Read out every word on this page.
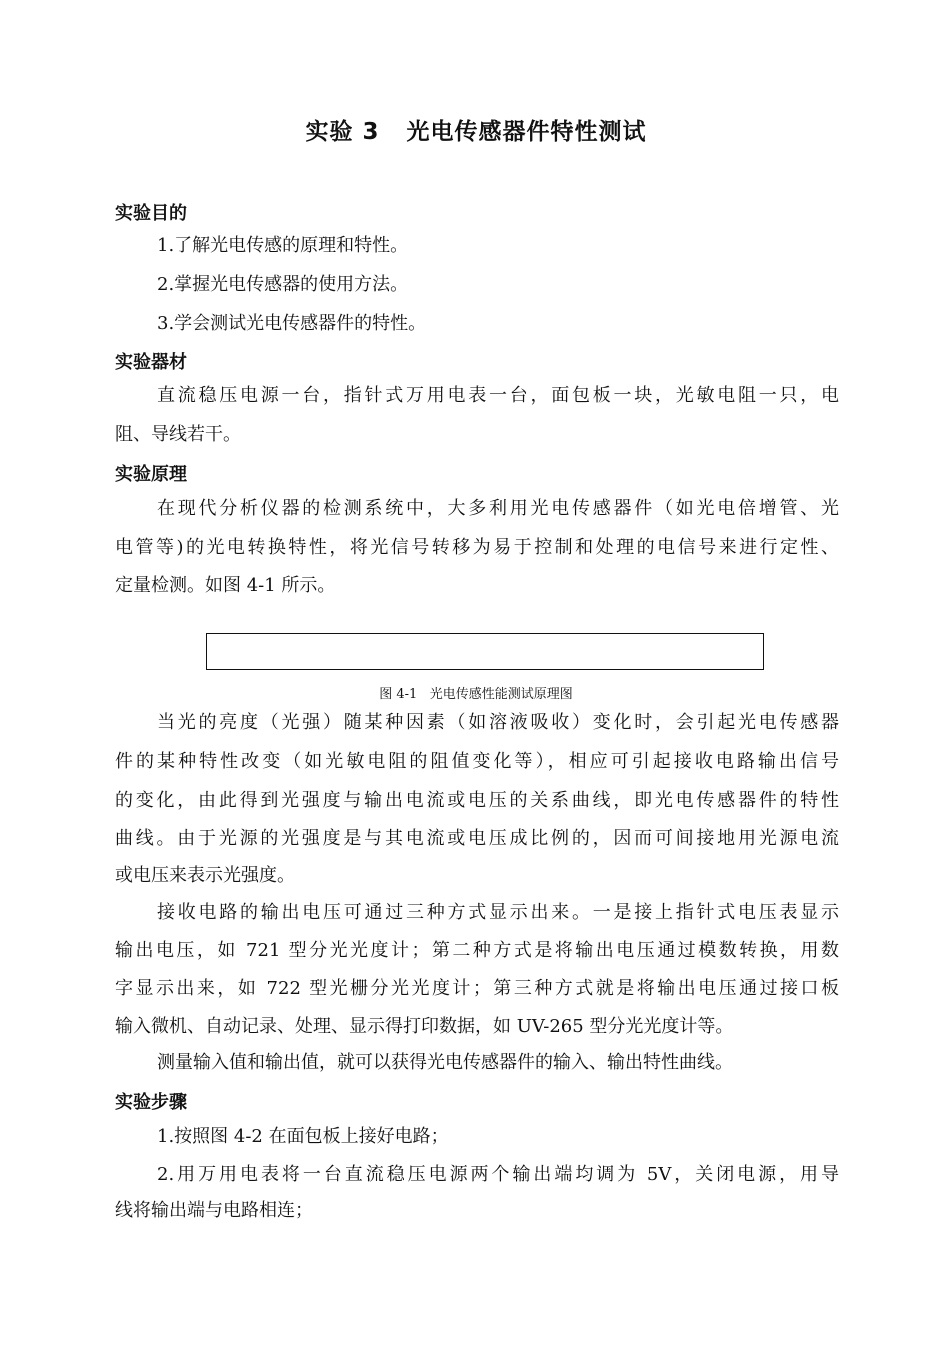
实验 3   光电传感器件特性测试
实验目的
1.了解光电传感的原理和特性。
2.掌握光电传感器的使用方法。
3.学会测试光电传感器件的特性。
实验器材
直流稳压电源一台，指针式万用电表一台，面包板一块，光敏电阻一只，电
阻、导线若干。
实验原理
在现代分析仪器的检测系统中，大多利用光电传感器件（如光电倍增管、光
电管等)的光电转换特性，将光信号转移为易于控制和处理的电信号来进行定性、
定量检测。如图 4-1 所示。
图 4-1   光电传感性能测试原理图
当光的亮度（光强）随某种因素（如溶液吸收）变化时，会引起光电传感器
件的某种特性改变（如光敏电阻的阻值变化等），相应可引起接收电路输出信号
的变化，由此得到光强度与输出电流或电压的关系曲线，即光电传感器件的特性
曲线。由于光源的光强度是与其电流或电压成比例的，因而可间接地用光源电流
或电压来表示光强度。
接收电路的输出电压可通过三种方式显示出来。一是接上指针式电压表显示
输出电压，如 721 型分光光度计；第二种方式是将输出电压通过模数转换，用数
字显示出来，如 722 型光栅分光光度计；第三种方式就是将输出电压通过接口板
输入微机、自动记录、处理、显示得打印数据，如 UV-265 型分光光度计等。
测量输入值和输出值，就可以获得光电传感器件的输入、输出特性曲线。
实验步骤
1.按照图 4-2 在面包板上接好电路；
2.用万用电表将一台直流稳压电源两个输出端均调为 5V，关闭电源，用导
线将输出端与电路相连；
